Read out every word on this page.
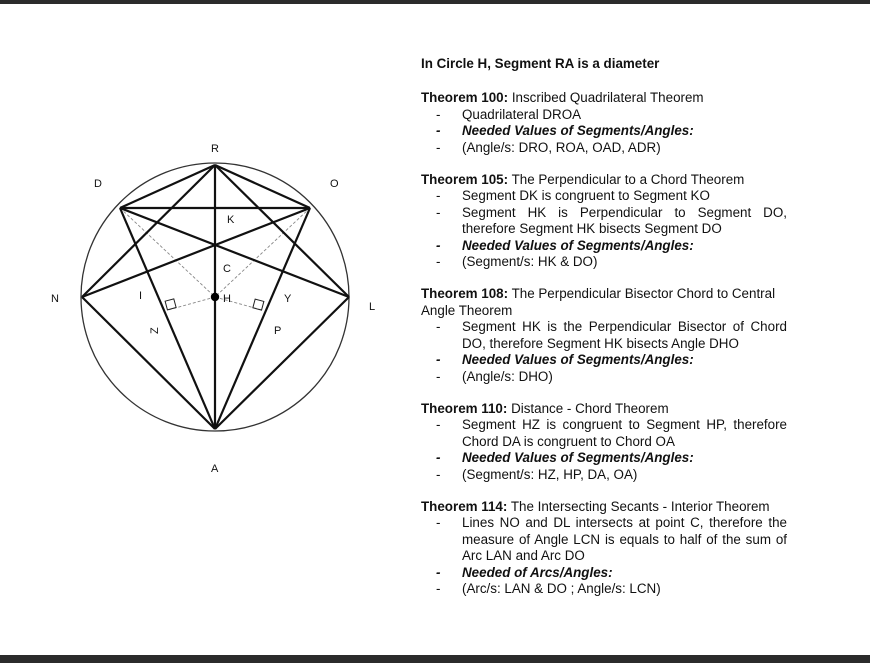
R
D	O
N
L
A
K
C
I	H	Y
Z	P
In Circle H, Segment RA is a diameter
Theorem 100: Inscribed Quadrilateral Theorem
- Quadrilateral DROA
- Needed Values of Segments/Angles:
- (Angle/s: DRO, ROA, OAD, ADR)
Theorem 105: The Perpendicular to a Chord Theorem
- Segment DK is congruent to Segment KO
- Segment HK is Perpendicular to Segment DO, therefore Segment HK bisects Segment DO
- Needed Values of Segments/Angles:
- (Segment/s: HK & DO)
Theorem 108: The Perpendicular Bisector Chord to Central Angle Theorem
- Segment HK is the Perpendicular Bisector of Chord DO, therefore Segment HK bisects Angle DHO
- Needed Values of Segments/Angles:
- (Angle/s: DHO)
Theorem 110: Distance - Chord Theorem
- Segment HZ is congruent to Segment HP, therefore Chord DA is congruent to Chord OA
- Needed Values of Segments/Angles:
- (Segment/s: HZ, HP, DA, OA)
Theorem 114: The Intersecting Secants - Interior Theorem
- Lines NO and DL intersects at point C, therefore the measure of Angle LCN is equals to half of the sum of Arc LAN and Arc DO
- Needed of Arcs/Angles:
- (Arc/s: LAN & DO ; Angle/s: LCN)
